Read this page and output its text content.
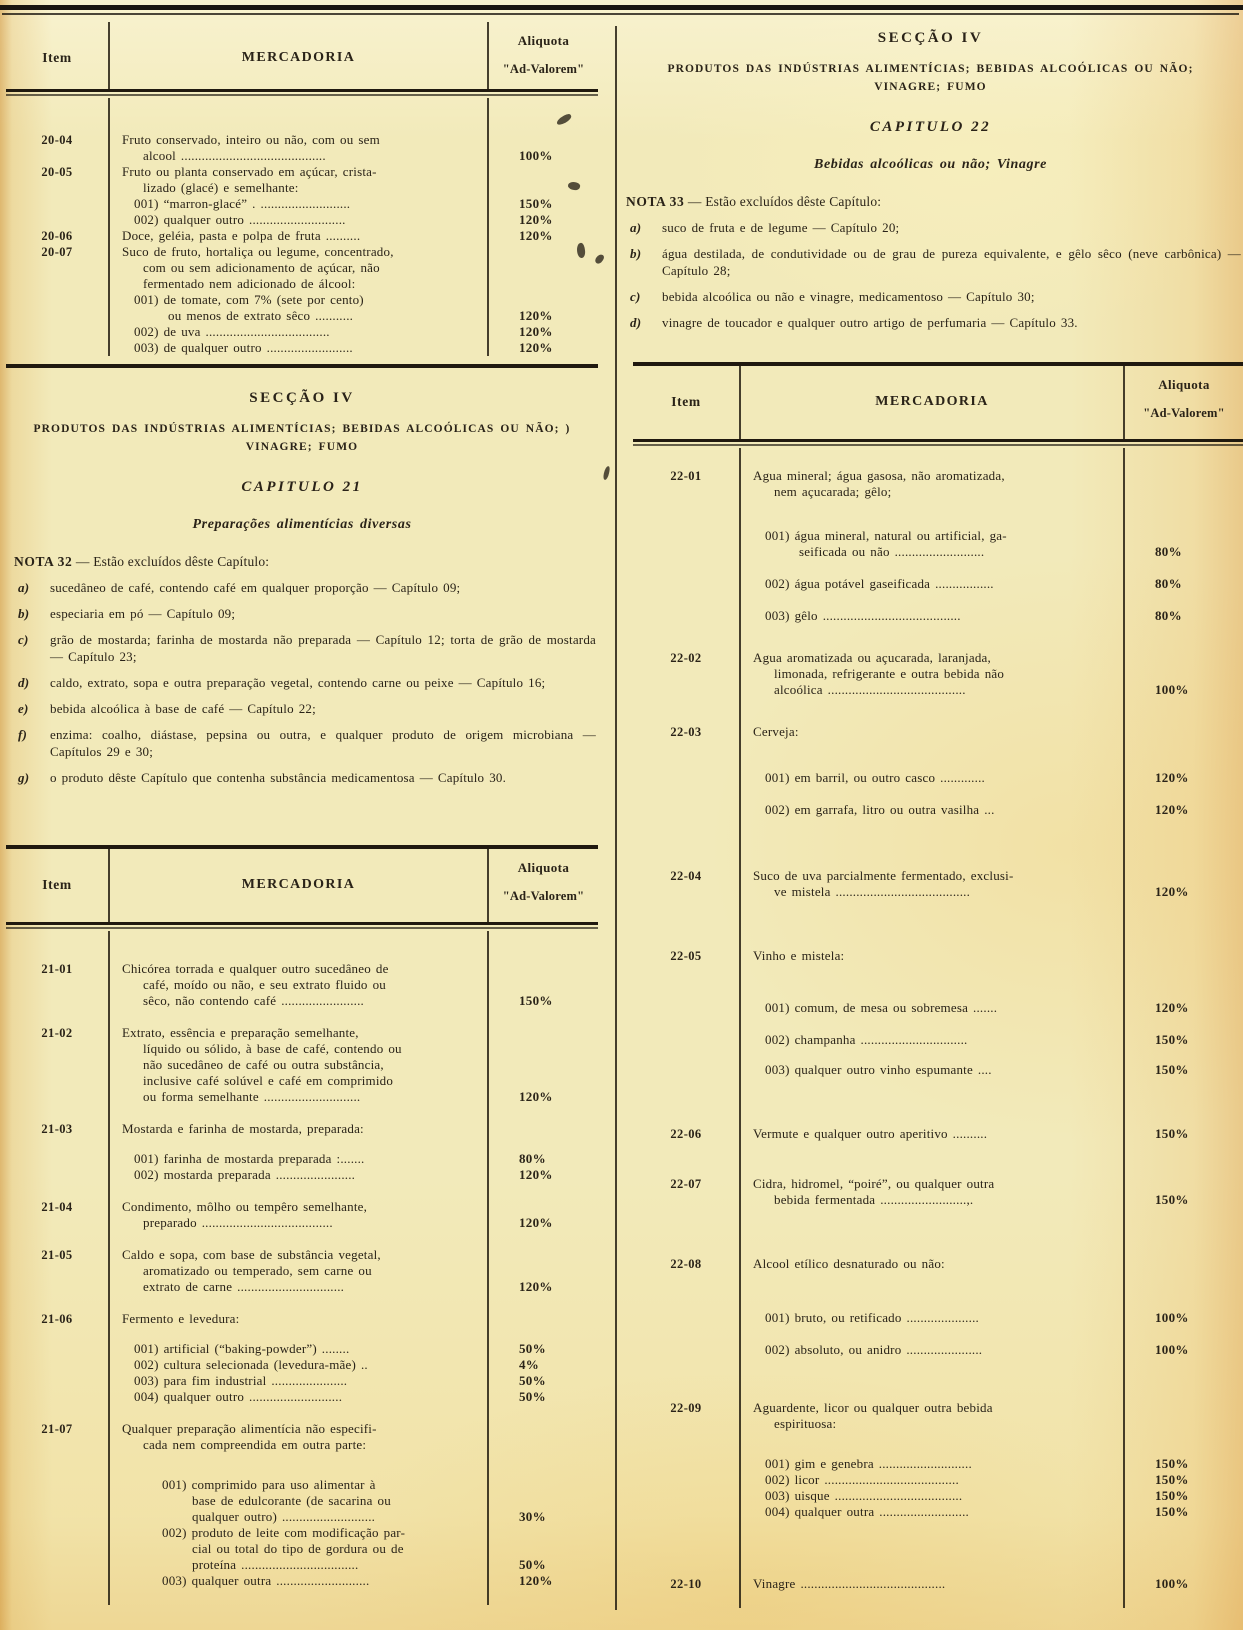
Item	MERCADORIA
Aliquota
"Ad-Valorem"
20-04	Fruto conservado, inteiro ou não, com ou sem
alcool ..........................................	100%
20-05	Fruto ou planta conservado em açúcar, crista-
lizado (glacé) e semelhante:
001) “marron-glacé” . ..........................	150%
002) qualquer outro ............................	120%
20-06	Doce, geléia, pasta e polpa de fruta ..........	120%
20-07	Suco de fruto, hortaliça ou legume, concentrado,
com ou sem adicionamento de açúcar, não
fermentado nem adicionado de álcool:
001) de tomate, com 7% (sete por cento)
ou menos de extrato sêco ...........	120%
002) de uva ....................................	120%
003) de qualquer outro .........................	120%
SECÇÃO IV
PRODUTOS DAS INDÚSTRIAS ALIMENTÍCIAS; BEBIDAS ALCOÓLICAS OU NÃO; )
VINAGRE; FUMO
CAPITULO 21
Preparações alimentícias diversas
NOTA 32 — Estão excluídos dêste Capítulo:
a) sucedâneo de café, contendo café em qualquer proporção — Capítulo 09;
b) especiaria em pó — Capítulo 09;
c) grão de mostarda; farinha de mostarda não preparada — Capítulo 12; torta de grão de mostarda — Capítulo 23;
d) caldo, extrato, sopa e outra preparação vegetal, contendo carne ou peixe — Capítulo 16;
e) bebida alcoólica à base de café — Capítulo 22;
f) enzima: coalho, diástase, pepsina ou outra, e qualquer produto de origem microbiana — Capítulos 29 e 30;
g) o produto dêste Capítulo que contenha substância medicamentosa — Capítulo 30.
Item	MERCADORIA
Aliquota
"Ad-Valorem"
21-01	Chicórea torrada e qualquer outro sucedâneo de
café, moído ou não, e seu extrato fluido ou
sêco, não contendo café ........................	150%
21-02	Extrato, essência e preparação semelhante,
líquido ou sólido, à base de café, contendo ou
não sucedâneo de café ou outra substância,
inclusive café solúvel e café em comprimido
ou forma semelhante ............................	120%
21-03	Mostarda e farinha de mostarda, preparada:
001) farinha de mostarda preparada :.......	80%
002) mostarda preparada .......................	120%
21-04	Condimento, môlho ou tempêro semelhante,
preparado ......................................	120%
21-05	Caldo e sopa, com base de substância vegetal,
aromatizado ou temperado, sem carne ou
extrato de carne ...............................	120%
21-06	Fermento e levedura:
001) artificial (“baking-powder”) ........	50%
002) cultura selecionada (levedura-mãe) ..	4%
003) para fim industrial ......................	50%
004) qualquer outro ...........................	50%
21-07	Qualquer preparação alimentícia não especifi-
cada nem compreendida em outra parte:
001) comprimido para uso alimentar à
base de edulcorante (de sacarina ou
qualquer outro) ...........................	30%
002) produto de leite com modificação par-
cial ou total do tipo de gordura ou de
proteína ..................................	50%
003) qualquer outra ...........................	120%
SECÇÃO IV
PRODUTOS DAS INDÚSTRIAS ALIMENTÍCIAS; BEBIDAS ALCOÓLICAS OU NÃO;
VINAGRE; FUMO
CAPITULO 22
Bebidas alcoólicas ou não; Vinagre
NOTA 33 — Estão excluídos dêste Capítulo:
a) suco de fruta e de legume — Capítulo 20;
b) água destilada, de condutividade ou de grau de pureza equivalente, e gêlo sêco (neve carbônica) — Capítulo 28;
c) bebida alcoólica ou não e vinagre, medicamentoso — Capítulo 30;
d) vinagre de toucador e qualquer outro artigo de perfumaria — Capítulo 33.
Item	MERCADORIA
Aliquota
"Ad-Valorem"
22-01	Agua mineral; água gasosa, não aromatizada,
nem açucarada; gêlo;
001) água mineral, natural ou artificial, ga-
seificada ou não ..........................	80%
002) água potável gaseificada .................	80%
003) gêlo ........................................	80%
22-02	Agua aromatizada ou açucarada, laranjada,
limonada, refrigerante e outra bebida não
alcoólica ........................................	100%
22-03	Cerveja:
001) em barril, ou outro casco .............	120%
002) em garrafa, litro ou outra vasilha ...	120%
22-04	Suco de uva parcialmente fermentado, exclusi-
ve mistela .......................................	120%
22-05	Vinho e mistela:
001) comum, de mesa ou sobremesa .......	120%
002) champanha ...............................	150%
003) qualquer outro vinho espumante ....	150%
22-06	Vermute e qualquer outro aperitivo ..........	150%
22-07	Cidra, hidromel, “poiré”, ou qualquer outra
bebida fermentada .........................,.	150%
22-08	Alcool etílico desnaturado ou não:
001) bruto, ou retificado .....................	100%
002) absoluto, ou anidro ......................	100%
22-09	Aguardente, licor ou qualquer outra bebida
espirituosa:
001) gim e genebra ...........................	150%
002) licor .......................................	150%
003) uisque .....................................	150%
004) qualquer outra ..........................	150%
22-10	Vinagre ..........................................	100%
